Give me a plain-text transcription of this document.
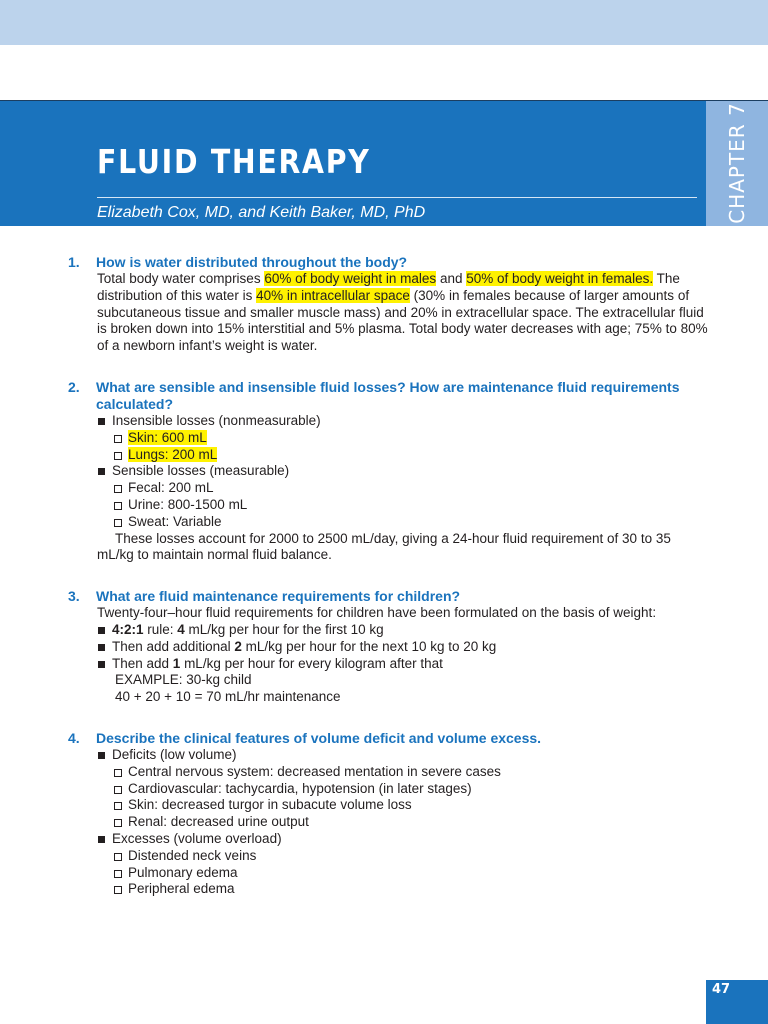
FLUID THERAPY

Elizabeth Cox, MD, and Keith Baker, MD, PhD	CHAPTER 7

1. How is water distributed throughout the body?

Total body water comprises 60% of body weight in males and 50% of body weight in females. The distribution of this water is 40% in intracellular space (30% in females because of larger amounts of subcutaneous tissue and smaller muscle mass) and 20% in extracellular space. The extracellular fluid is broken down into 15% interstitial and 5% plasma. Total body water decreases with age; 75% to 80% of a newborn infant’s weight is water.

2. What are sensible and insensible fluid losses? How are maintenance fluid requirements calculated?

Insensible losses (nonmeasurable)

Skin: 600 mL

Lungs: 200 mL

Sensible losses (measurable)

Fecal: 200 mL

Urine: 800-1500 mL

Sweat: Variable

These losses account for 2000 to 2500 mL/day, giving a 24-hour fluid requirement of 30 to 35 mL/kg to maintain normal fluid balance.

3. What are fluid maintenance requirements for children?

Twenty-four–hour fluid requirements for children have been formulated on the basis of weight:

4:2:1 rule: 4 mL/kg per hour for the first 10 kg

Then add additional 2 mL/kg per hour for the next 10 kg to 20 kg

Then add 1 mL/kg per hour for every kilogram after that

EXAMPLE: 30-kg child

40 + 20 + 10 = 70 mL/hr maintenance

4. Describe the clinical features of volume deficit and volume excess.

Deficits (low volume)

Central nervous system: decreased mentation in severe cases

Cardiovascular: tachycardia, hypotension (in later stages)

Skin: decreased turgor in subacute volume loss

Renal: decreased urine output

Excesses (volume overload)

Distended neck veins

Pulmonary edema

Peripheral edema

47
